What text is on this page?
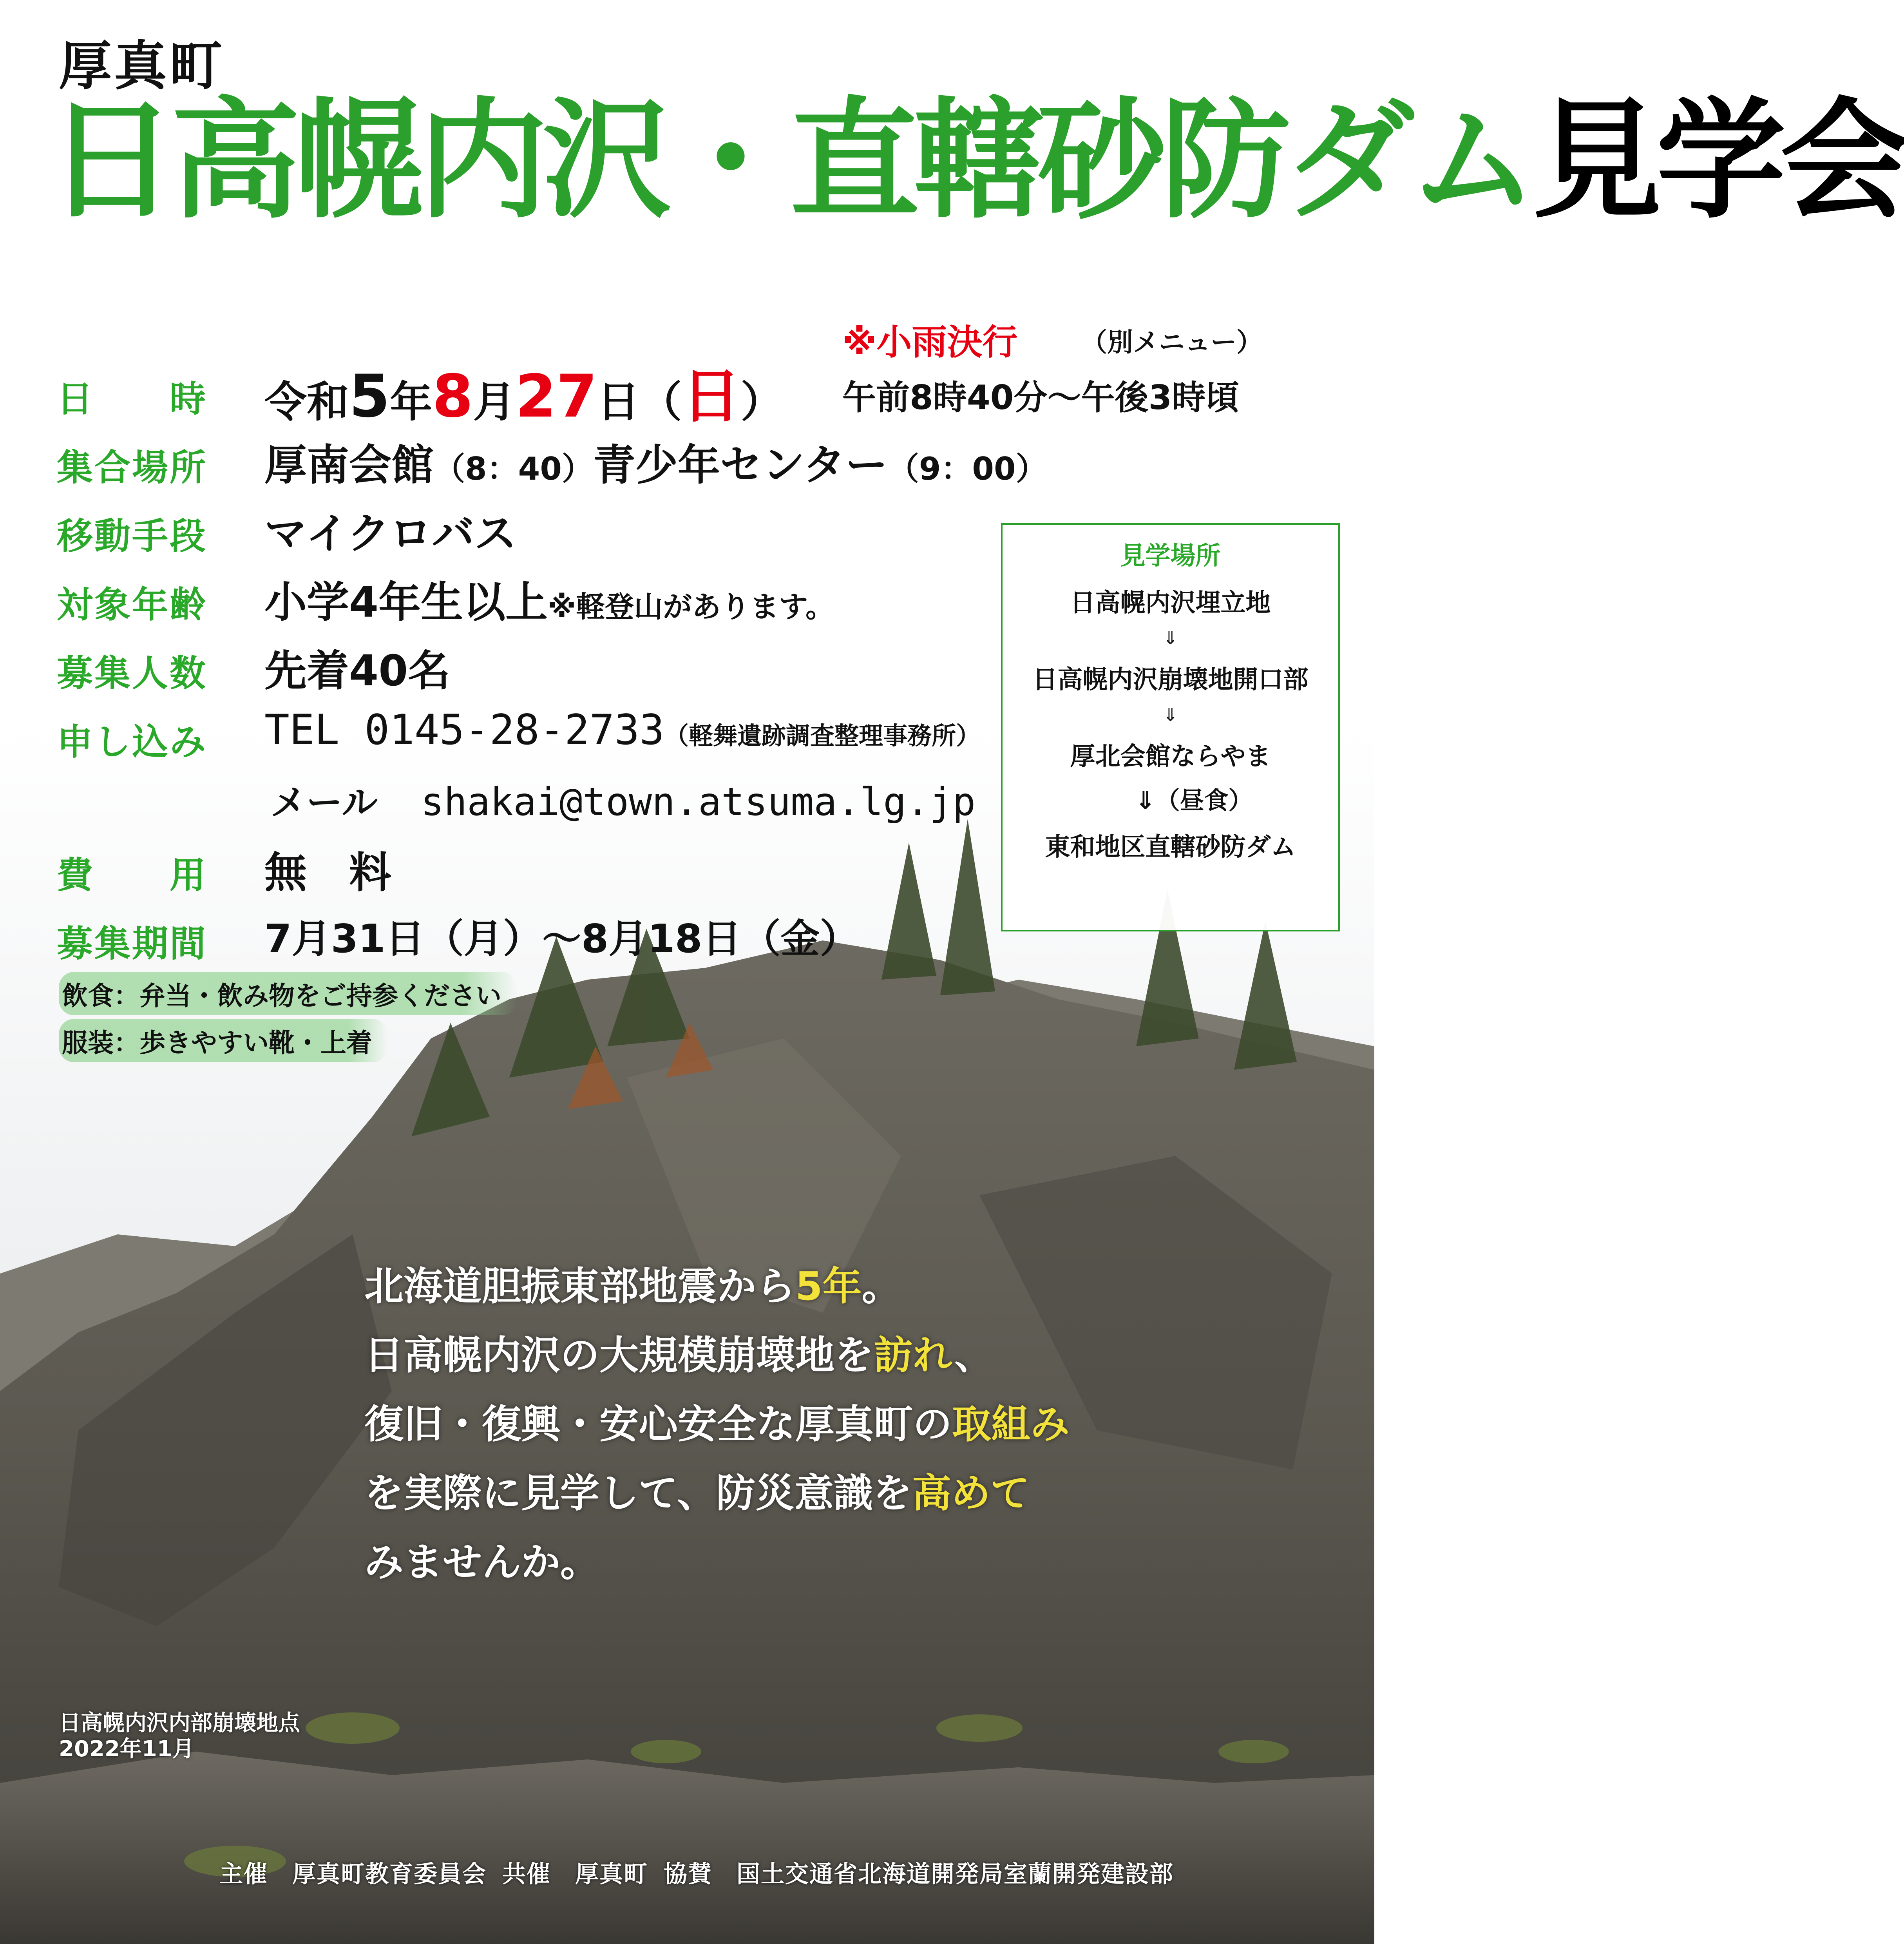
厚真町
日高幌内沢・直轄砂防ダム見学会
※小雨決行 （別メニュー）
日　　時 令和5年8月27日（日） 午前8時40分～午後3時頃
集合場所 厚南会館（8：40）青少年センター（9：00）
移動手段 マイクロバス
対象年齢 小学4年生以上※軽登山があります。
募集人数 先着40名
申し込み TEL 0145-28-2733（軽舞遺跡調査整理事務所）
メール shakai@town.atsuma.lg.jp
費　　用 無　料
募集期間 7月31日（月）～8月18日（金）
飲食：弁当・飲み物をご持参ください
服装：歩きやすい靴・上着
見学場所
日高幌内沢埋立地
⇓
日高幌内沢崩壊地開口部
⇓
厚北会館ならやま
⇓（昼食）
東和地区直轄砂防ダム
北海道胆振東部地震から5年。
日高幌内沢の大規模崩壊地を訪れ、
復旧・復興・安心安全な厚真町の取組み
を実際に見学して、防災意識を高めて
みませんか。
日高幌内沢内部崩壊地点
2022年11月
主催　厚真町教育委員会 共催　厚真町 協賛　国土交通省北海道開発局室蘭開発建設部
